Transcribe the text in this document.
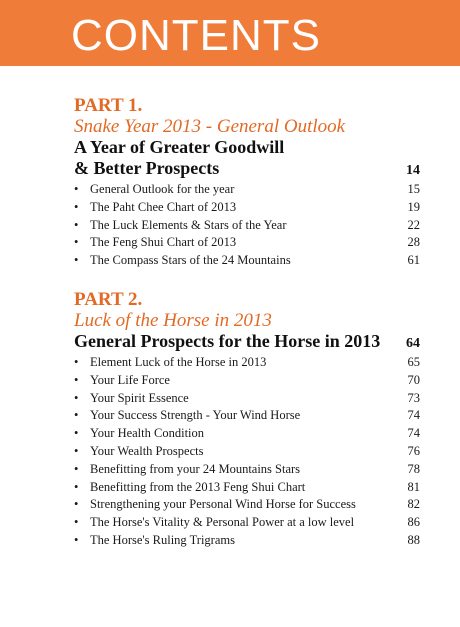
CONTENTS
PART 1.
Snake Year 2013 - General Outlook
A Year of Greater Goodwill
& Better Prospects	14
• General Outlook for the year	15
• The Paht Chee Chart of 2013	19
• The Luck Elements & Stars of the Year	22
• The Feng Shui Chart of 2013	28
• The Compass Stars of the 24 Mountains	61
PART 2.
Luck of the Horse in 2013
General Prospects for the Horse in 2013 64
• Element Luck of the Horse in 2013	65
• Your Life Force	70
• Your Spirit Essence	73
• Your Success Strength - Your Wind Horse	74
• Your Health Condition	74
• Your Wealth Prospects	76
• Benefitting from your 24 Mountains Stars	78
• Benefitting from the 2013 Feng Shui Chart	81
• Strengthening your Personal Wind Horse for Success	82
• The Horse's Vitality & Personal Power at a low level	86
• The Horse's Ruling Trigrams	88
